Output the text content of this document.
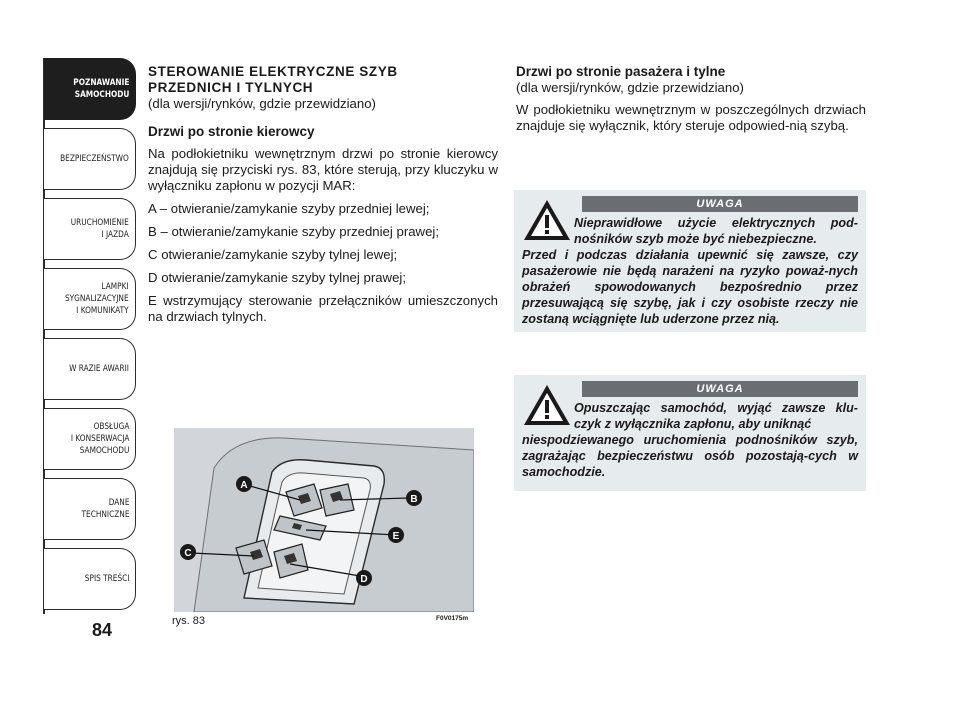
POZNAWANIE
SAMOCHODU
BEZPIECZEŃSTWO
URUCHOMIENIE
I JAZDA
LAMPKI
SYGNALIZACYJNE
I KOMUNIKATY
W RAZIE AWARII
OBSŁUGA
I KONSERWACJA
SAMOCHODU
DANE
TECHNICZNE
SPIS TREŚCI
84
STEROWANIE ELEKTRYCZNE SZYB
PRZEDNICH I TYLNYCH
(dla wersji/rynków, gdzie przewidziano)
Drzwi po stronie kierowcy

Na podłokietniku wewnętrznym drzwi po stronie kierowcy znajdują się przyciski rys. 83, które sterują, przy kluczyku w wyłączniku zapłonu w pozycji MAR:

A – otwieranie/zamykanie szyby przedniej lewej;

B – otwieranie/zamykanie szyby przedniej prawej;

C otwieranie/zamykanie szyby tylnej lewej;

D otwieranie/zamykanie szyby tylnej prawej;

E wstrzymujący sterowanie przełączników umieszczonych na drzwiach tylnych.

Drzwi po stronie pasażera i tylne
(dla wersji/rynków, gdzie przewidziano)

W podłokietniku wewnętrznym w poszczególnych drzwiach znajduje się wyłącznik, który steruje odpowied-nią szybą.

UWAGA
Nieprawidłowe użycie elektrycznych pod-nośników szyb może być niebezpieczne.
Przed i podczas działania upewnić się zawsze, czy pasażerowie nie będą narażeni na ryzyko poważ-nych obrażeń spowodowanych bezpośrednio przez przesuwającą się szybę, jak i czy osobiste rzeczy nie zostaną wciągnięte lub uderzone przez nią.
UWAGA
Opuszczając samochód, wyjąć zawsze klu-czyk z wyłącznika zapłonu, aby uniknąć
niespodziewanego uruchomienia podnośników szyb, zagrażając bezpieczeństwu osób pozostają-cych w samochodzie.
A
B
C
D
E
rys. 83	F0V0175m
